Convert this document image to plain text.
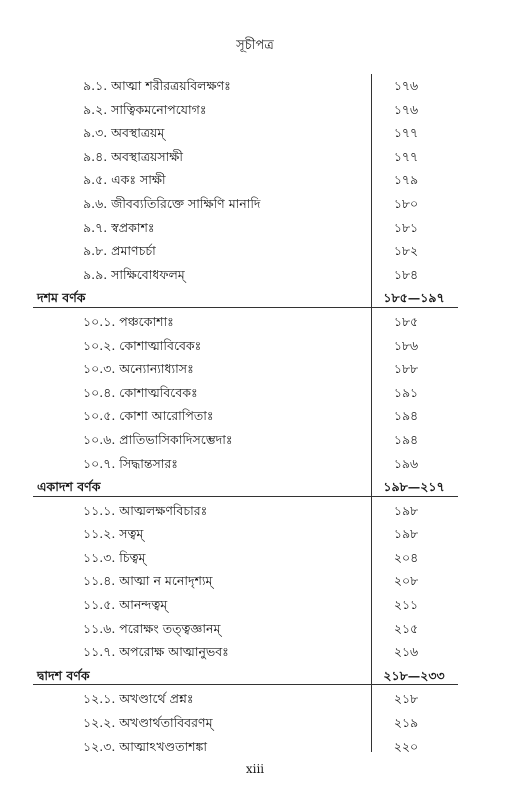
সূচীপত্র
৯.১. আত্মা শরীরত্রয়বিলক্ষণঃ	১৭৬
৯.২. সাত্বিকমনোপযোগঃ	১৭৬
৯.৩. অবস্থাত্রয়ম্	১৭৭
৯.৪. অবস্থাত্রয়সাক্ষী	১৭৭
৯.৫. একঃ সাক্ষী	১৭৯
৯.৬. জীবব্যতিরিক্তে সাক্ষিণি মানাদি	১৮০
৯.৭. স্বপ্রকাশঃ	১৮১
৯.৮. প্রমাণচর্চা	১৮২
৯.৯. সাক্ষিবোধফলম্	১৮৪
দশম বর্ণক	১৮৫—১৯৭
১০.১. পঞ্চকোশাঃ	১৮৫
১০.২. কোশাত্মাবিবেকঃ	১৮৬
১০.৩. অন্যোন্যাধ্যাসঃ	১৮৮
১০.৪. কোশাত্মবিবেকঃ	১৯১
১০.৫. কোশা আরোপিতাঃ	১৯৪
১০.৬. প্রাতিভাসিকাদিসম্ভেদাঃ	১৯৪
১০.৭. সিদ্ধান্তসারঃ	১৯৬
একাদশ বর্ণক	১৯৮—২১৭
১১.১. আত্মলক্ষণবিচারঃ	১৯৮
১১.২. সত্বম্	১৯৮
১১.৩. চিত্বম্	২০৪
১১.৪. আত্মা ন মনোদৃশ্যম্	২০৮
১১.৫. আনন্দত্বম্	২১১
১১.৬. পরোক্ষং তত্ত্বজ্ঞানম্	২১৫
১১.৭. অপরোক্ষ আত্মানুভবঃ	২১৬
দ্বাদশ বর্ণক	২১৮—২৩৩
১২.১. অখণ্ডার্থে প্রশ্নঃ	২১৮
১২.২. অখণ্ডার্থতাবিবরণম্	২১৯
১২.৩. আত্মাঽখণ্ডতাশঙ্কা	২২০
xiii
